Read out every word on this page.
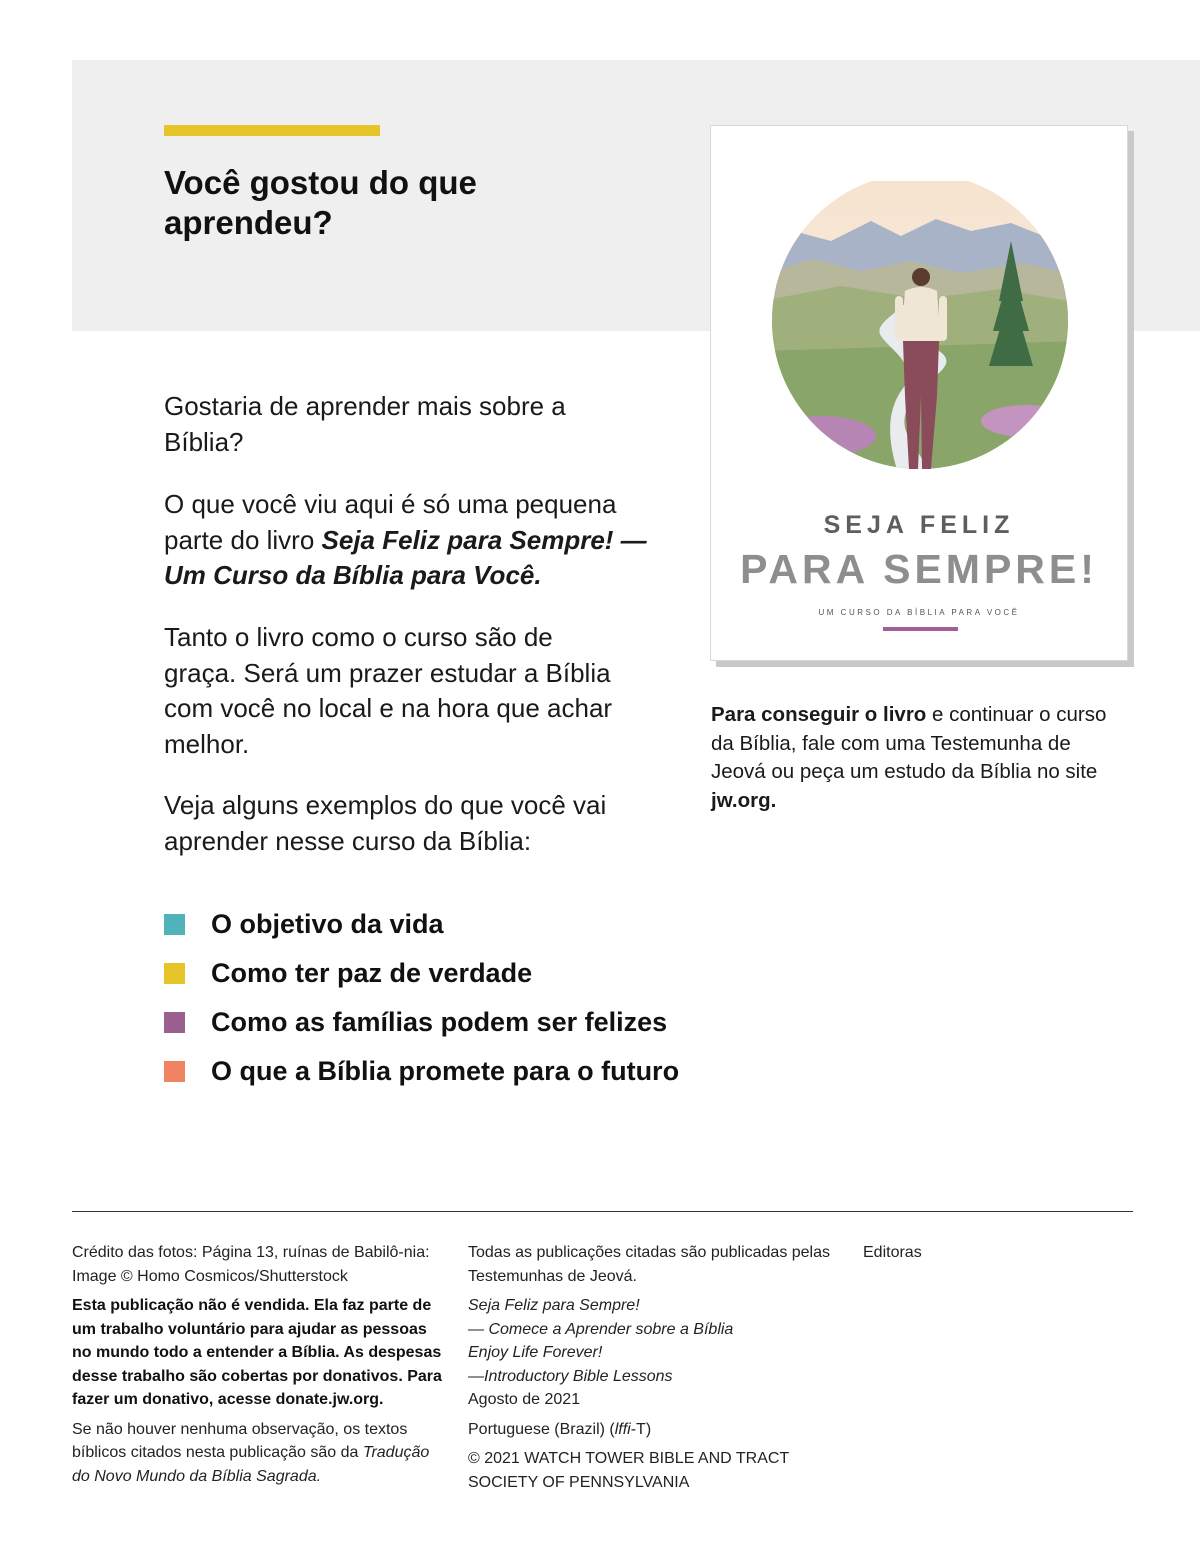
Você gostou do que
aprendeu?

Gostaria de aprender mais sobre a Bíblia?

O que você viu aqui é só uma pequena parte do livro Seja Feliz para Sempre! — Um Curso da Bíblia para Você.

Tanto o livro como o curso são de graça. Será um prazer estudar a Bíblia com você no local e na hora que achar melhor.

Veja alguns exemplos do que você vai aprender nesse curso da Bíblia:

O objetivo da vida
Como ter paz de verdade
Como as famílias podem ser felizes
O que a Bíblia promete para o futuro
SEJA FELIZ
PARA SEMPRE!
UM CURSO DA BÍBLIA PARA VOCÊ

Para conseguir o livro e continuar o curso da Bíblia, fale com uma Testemunha de Jeová ou peça um estudo da Bíblia no site jw.org.

Crédito das fotos: Página 13, ruínas de Babilô-nia: Image © Homo Cosmicos/Shutterstock

Esta publicação não é vendida. Ela faz parte de um trabalho voluntário para ajudar as pessoas no mundo todo a entender a Bíblia. As despesas desse trabalho são cobertas por donativos. Para fazer um donativo, acesse donate.jw.org.

Se não houver nenhuma observação, os textos bíblicos citados nesta publicação são da Tradução do Novo Mundo da Bíblia Sagrada.

Todas as publicações citadas são publicadas pelas Testemunhas de Jeová.

Seja Feliz para Sempre!
— Comece a Aprender sobre a Bíblia
Enjoy Life Forever!
—Introductory Bible Lessons
Agosto de 2021

Portuguese (Brazil) (lffi-T)

© 2021 WATCH TOWER BIBLE AND TRACT SOCIETY OF PENNSYLVANIA

Editoras
